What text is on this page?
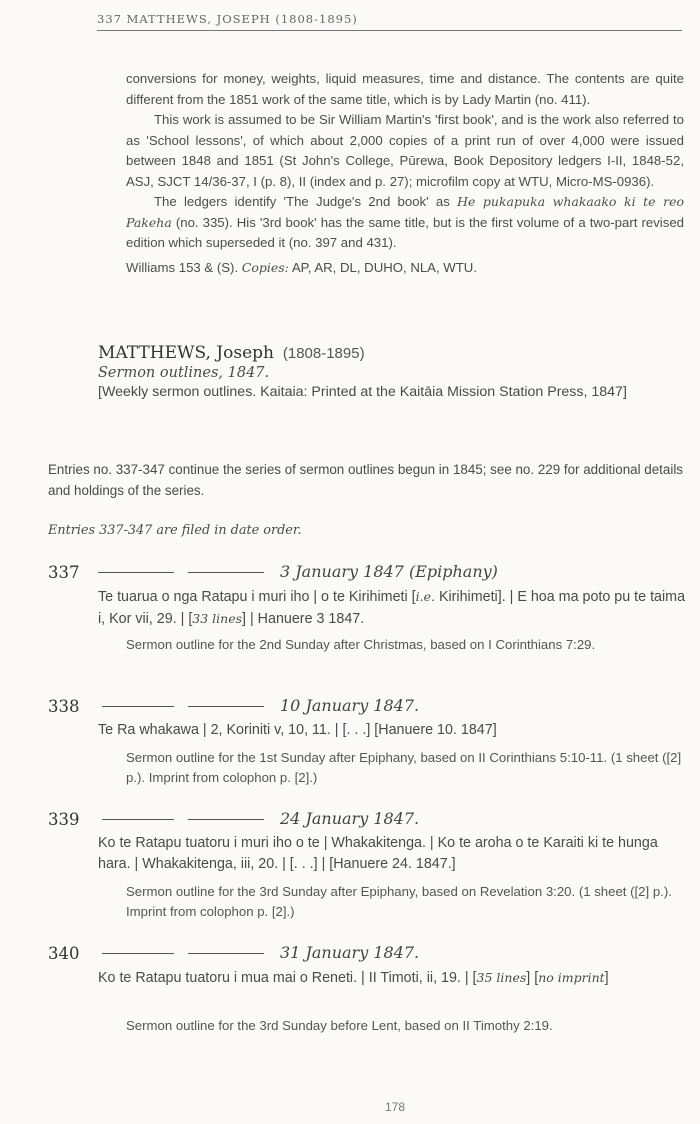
337 MATTHEWS, JOSEPH (1808-1895)

conversions for money, weights, liquid measures, time and distance. The contents are quite different from the 1851 work of the same title, which is by Lady Martin (no. 411).

This work is assumed to be Sir William Martin's 'first book', and is the work also referred to as 'School lessons', of which about 2,000 copies of a print run of over 4,000 were issued between 1848 and 1851 (St John's College, Pūrewa, Book Depository ledgers I-II, 1848-52, ASJ, SJCT 14/36-37, I (p. 8), II (index and p. 27); microfilm copy at WTU, Micro-MS-0936).

The ledgers identify 'The Judge's 2nd book' as He pukapuka whakaako ki te reo Pakeha (no. 335). His '3rd book' has the same title, but is the first volume of a two-part revised edition which superseded it (no. 397 and 431).

Williams 153 & (S). Copies: AP, AR, DL, DUHO, NLA, WTU.

MATTHEWS, Joseph (1808-1895)
Sermon outlines, 1847.
[Weekly sermon outlines. Kaitaia: Printed at the Kaitāia Mission Station Press, 1847]
Entries no. 337-347 continue the series of sermon outlines begun in 1845; see no. 229 for additional details and holdings of the series.
Entries 337-347 are filed in date order.
337	3 January 1847 (Epiphany)
Te tuarua o nga Ratapu i muri iho | o te Kirihimeti [i.e. Kirihimeti]. | E hoa ma poto pu te taima i, Kor vii, 29. | [33 lines] | Hanuere 3 1847.
Sermon outline for the 2nd Sunday after Christmas, based on I Corinthians 7:29.
338	10 January 1847.
Te Ra whakawa | 2, Koriniti v, 10, 11. | [. . .] [Hanuere 10. 1847]
Sermon outline for the 1st Sunday after Epiphany, based on II Corinthians 5:10-11. (1 sheet ([2] p.). Imprint from colophon p. [2].)
339	24 January 1847.
Ko te Ratapu tuatoru i muri iho o te | Whakakitenga. | Ko te aroha o te Karaiti ki te hunga hara. | Whakakitenga, iii, 20. | [. . .] | [Hanuere 24. 1847.]
Sermon outline for the 3rd Sunday after Epiphany, based on Revelation 3:20. (1 sheet ([2] p.). Imprint from colophon p. [2].)
340	31 January 1847.
Ko te Ratapu tuatoru i mua mai o Reneti. | II Timoti, ii, 19. | [35 lines] [no imprint]
Sermon outline for the 3rd Sunday before Lent, based on II Timothy 2:19.
178
